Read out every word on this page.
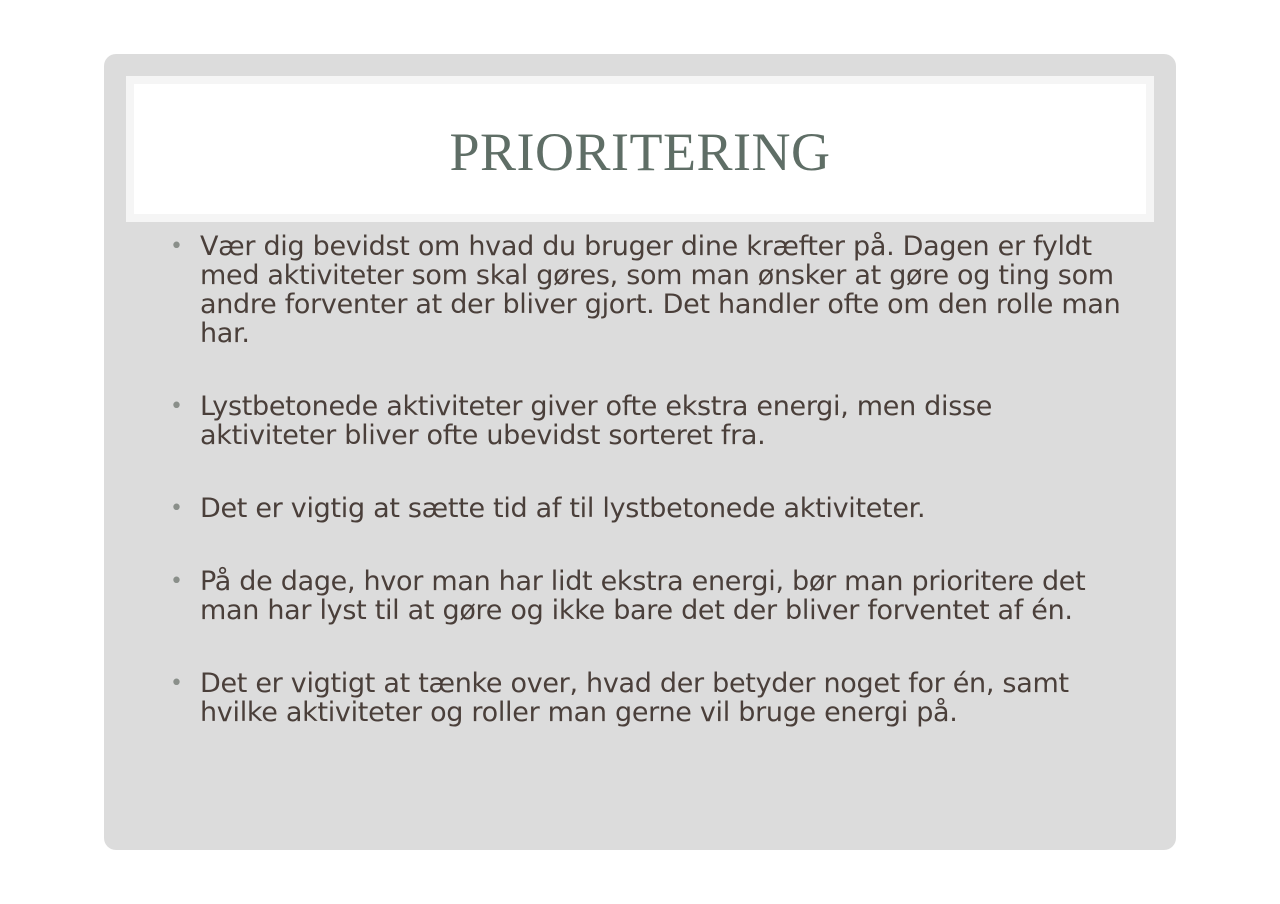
PRIORITERING
• Vær dig bevidst om hvad du bruger dine kræfter på. Dagen er fyldt med aktiviteter som skal gøres, som man ønsker at gøre og ting som andre forventer at der bliver gjort. Det handler ofte om den rolle man har.
• Lystbetonede aktiviteter giver ofte ekstra energi, men disse aktiviteter bliver ofte ubevidst sorteret fra.
• Det er vigtig at sætte tid af til lystbetonede aktiviteter.
• På de dage, hvor man har lidt ekstra energi, bør man prioritere det man har lyst til at gøre og ikke bare det der bliver forventet af én.
• Det er vigtigt at tænke over, hvad der betyder noget for én, samt hvilke aktiviteter og roller man gerne vil bruge energi på.
